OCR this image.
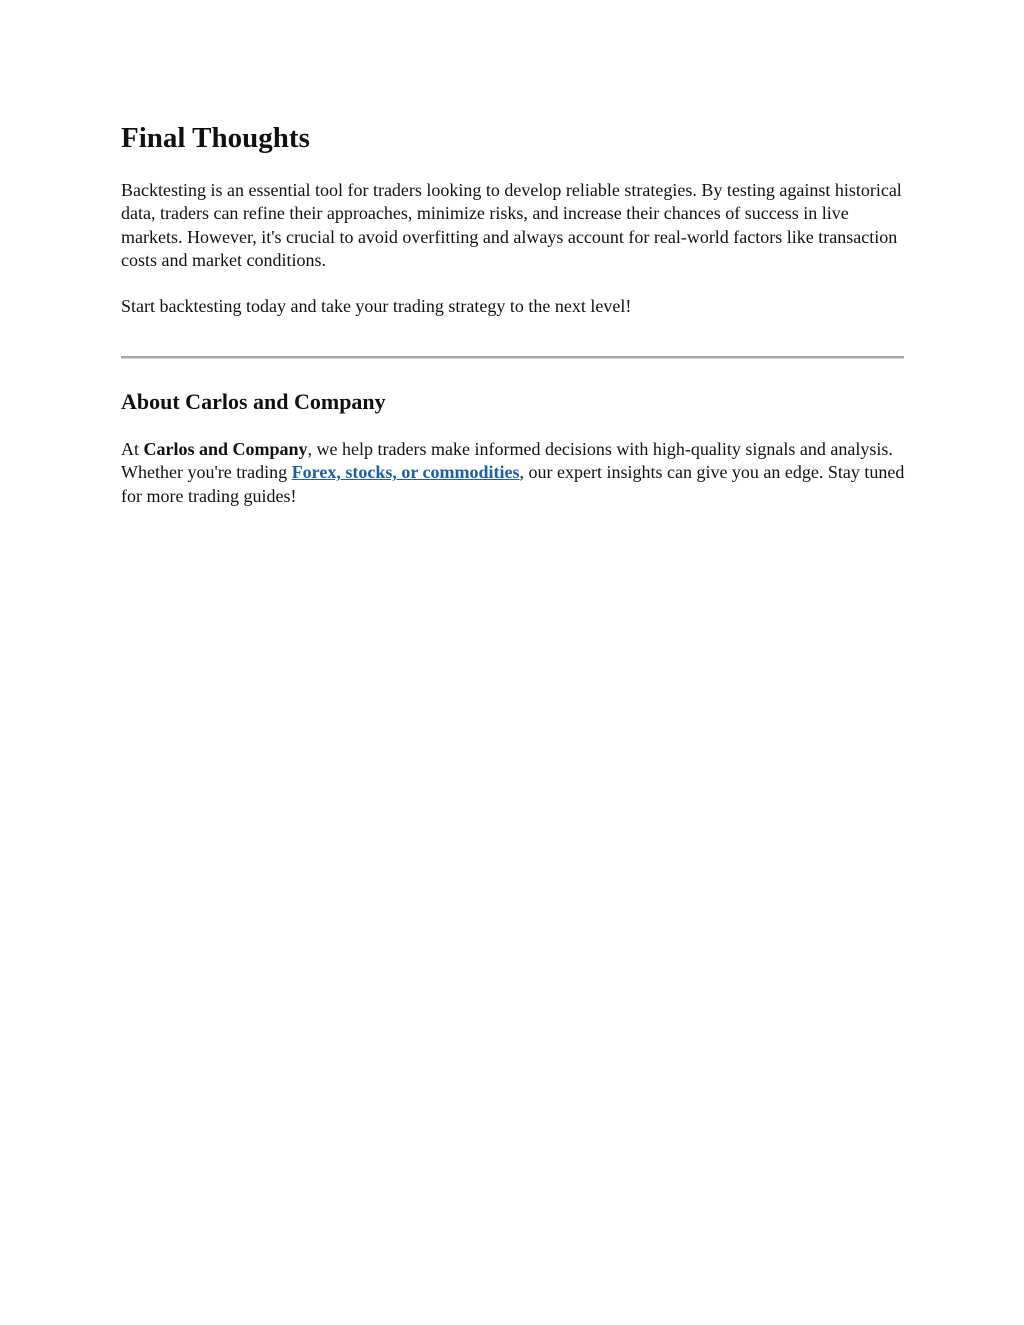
Final Thoughts

Backtesting is an essential tool for traders looking to develop reliable strategies. By testing against historical data, traders can refine their approaches, minimize risks, and increase their chances of success in live markets. However, it's crucial to avoid overfitting and always account for real-world factors like transaction costs and market conditions.

Start backtesting today and take your trading strategy to the next level!

About Carlos and Company

At Carlos and Company, we help traders make informed decisions with high-quality signals and analysis. Whether you're trading Forex, stocks, or commodities, our expert insights can give you an edge. Stay tuned for more trading guides!
